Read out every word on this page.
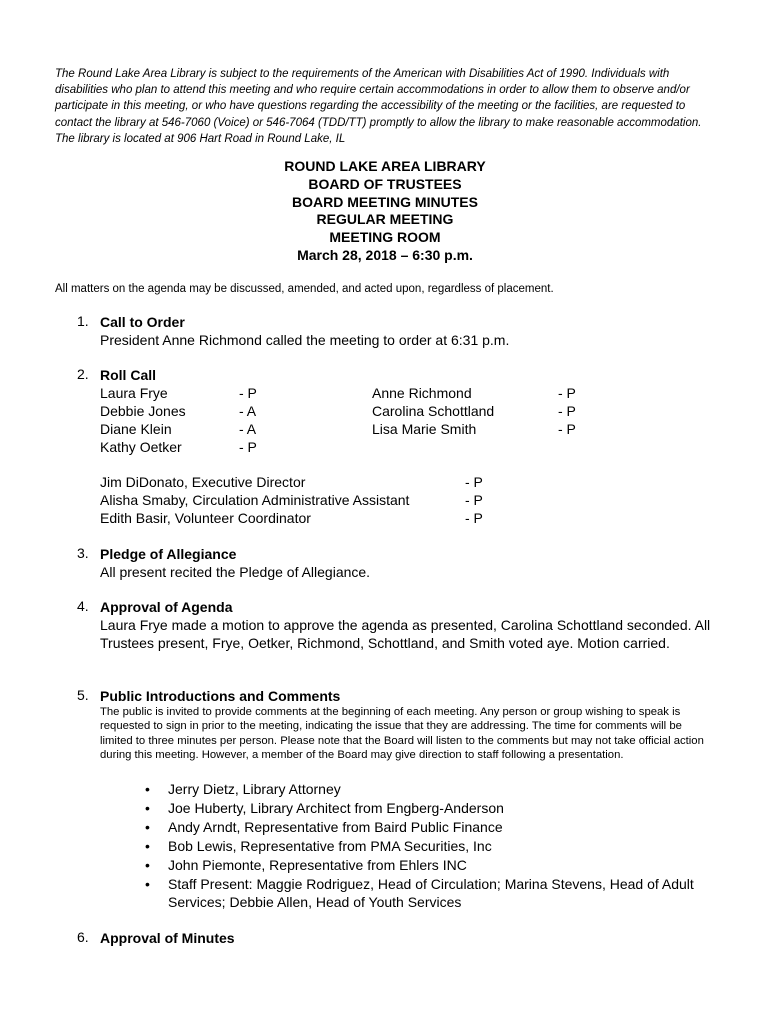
The Round Lake Area Library is subject to the requirements of the American with Disabilities Act of 1990. Individuals with disabilities who plan to attend this meeting and who require certain accommodations in order to allow them to observe and/or participate in this meeting, or who have questions regarding the accessibility of the meeting or the facilities, are requested to contact the library at 546-7060 (Voice) or 546-7064 (TDD/TT) promptly to allow the library to make reasonable accommodation. The library is located at 906 Hart Road in Round Lake, IL
ROUND LAKE AREA LIBRARY
BOARD OF TRUSTEES
BOARD MEETING MINUTES
REGULAR MEETING
MEETING ROOM
March 28, 2018 – 6:30 p.m.
All matters on the agenda may be discussed, amended, and acted upon, regardless of placement.
1. Call to Order
President Anne Richmond called the meeting to order at 6:31 p.m.
2. Roll Call
Laura Frye
Debbie Jones
Diane Klein
Kathy Oetker
- P
- A
- A
- P
Anne Richmond
Carolina Schottland
Lisa Marie Smith
- P
- P
- P
Jim DiDonato, Executive Director
Alisha Smaby, Circulation Administrative Assistant
Edith Basir, Volunteer Coordinator
- P
- P
- P
3. Pledge of Allegiance
All present recited the Pledge of Allegiance.
4. Approval of Agenda
Laura Frye made a motion to approve the agenda as presented, Carolina Schottland seconded. All Trustees present, Frye, Oetker, Richmond, Schottland, and Smith voted aye. Motion carried.
5. Public Introductions and Comments
The public is invited to provide comments at the beginning of each meeting. Any person or group wishing to speak is requested to sign in prior to the meeting, indicating the issue that they are addressing. The time for comments will be limited to three minutes per person. Please note that the Board will listen to the comments but may not take official action during this meeting. However, a member of the Board may give direction to staff following a presentation.
• Jerry Dietz, Library Attorney
• Joe Huberty, Library Architect from Engberg-Anderson
• Andy Arndt, Representative from Baird Public Finance
• Bob Lewis, Representative from PMA Securities, Inc
• John Piemonte, Representative from Ehlers INC
• Staff Present: Maggie Rodriguez, Head of Circulation; Marina Stevens, Head of Adult Services; Debbie Allen, Head of Youth Services
6. Approval of Minutes
